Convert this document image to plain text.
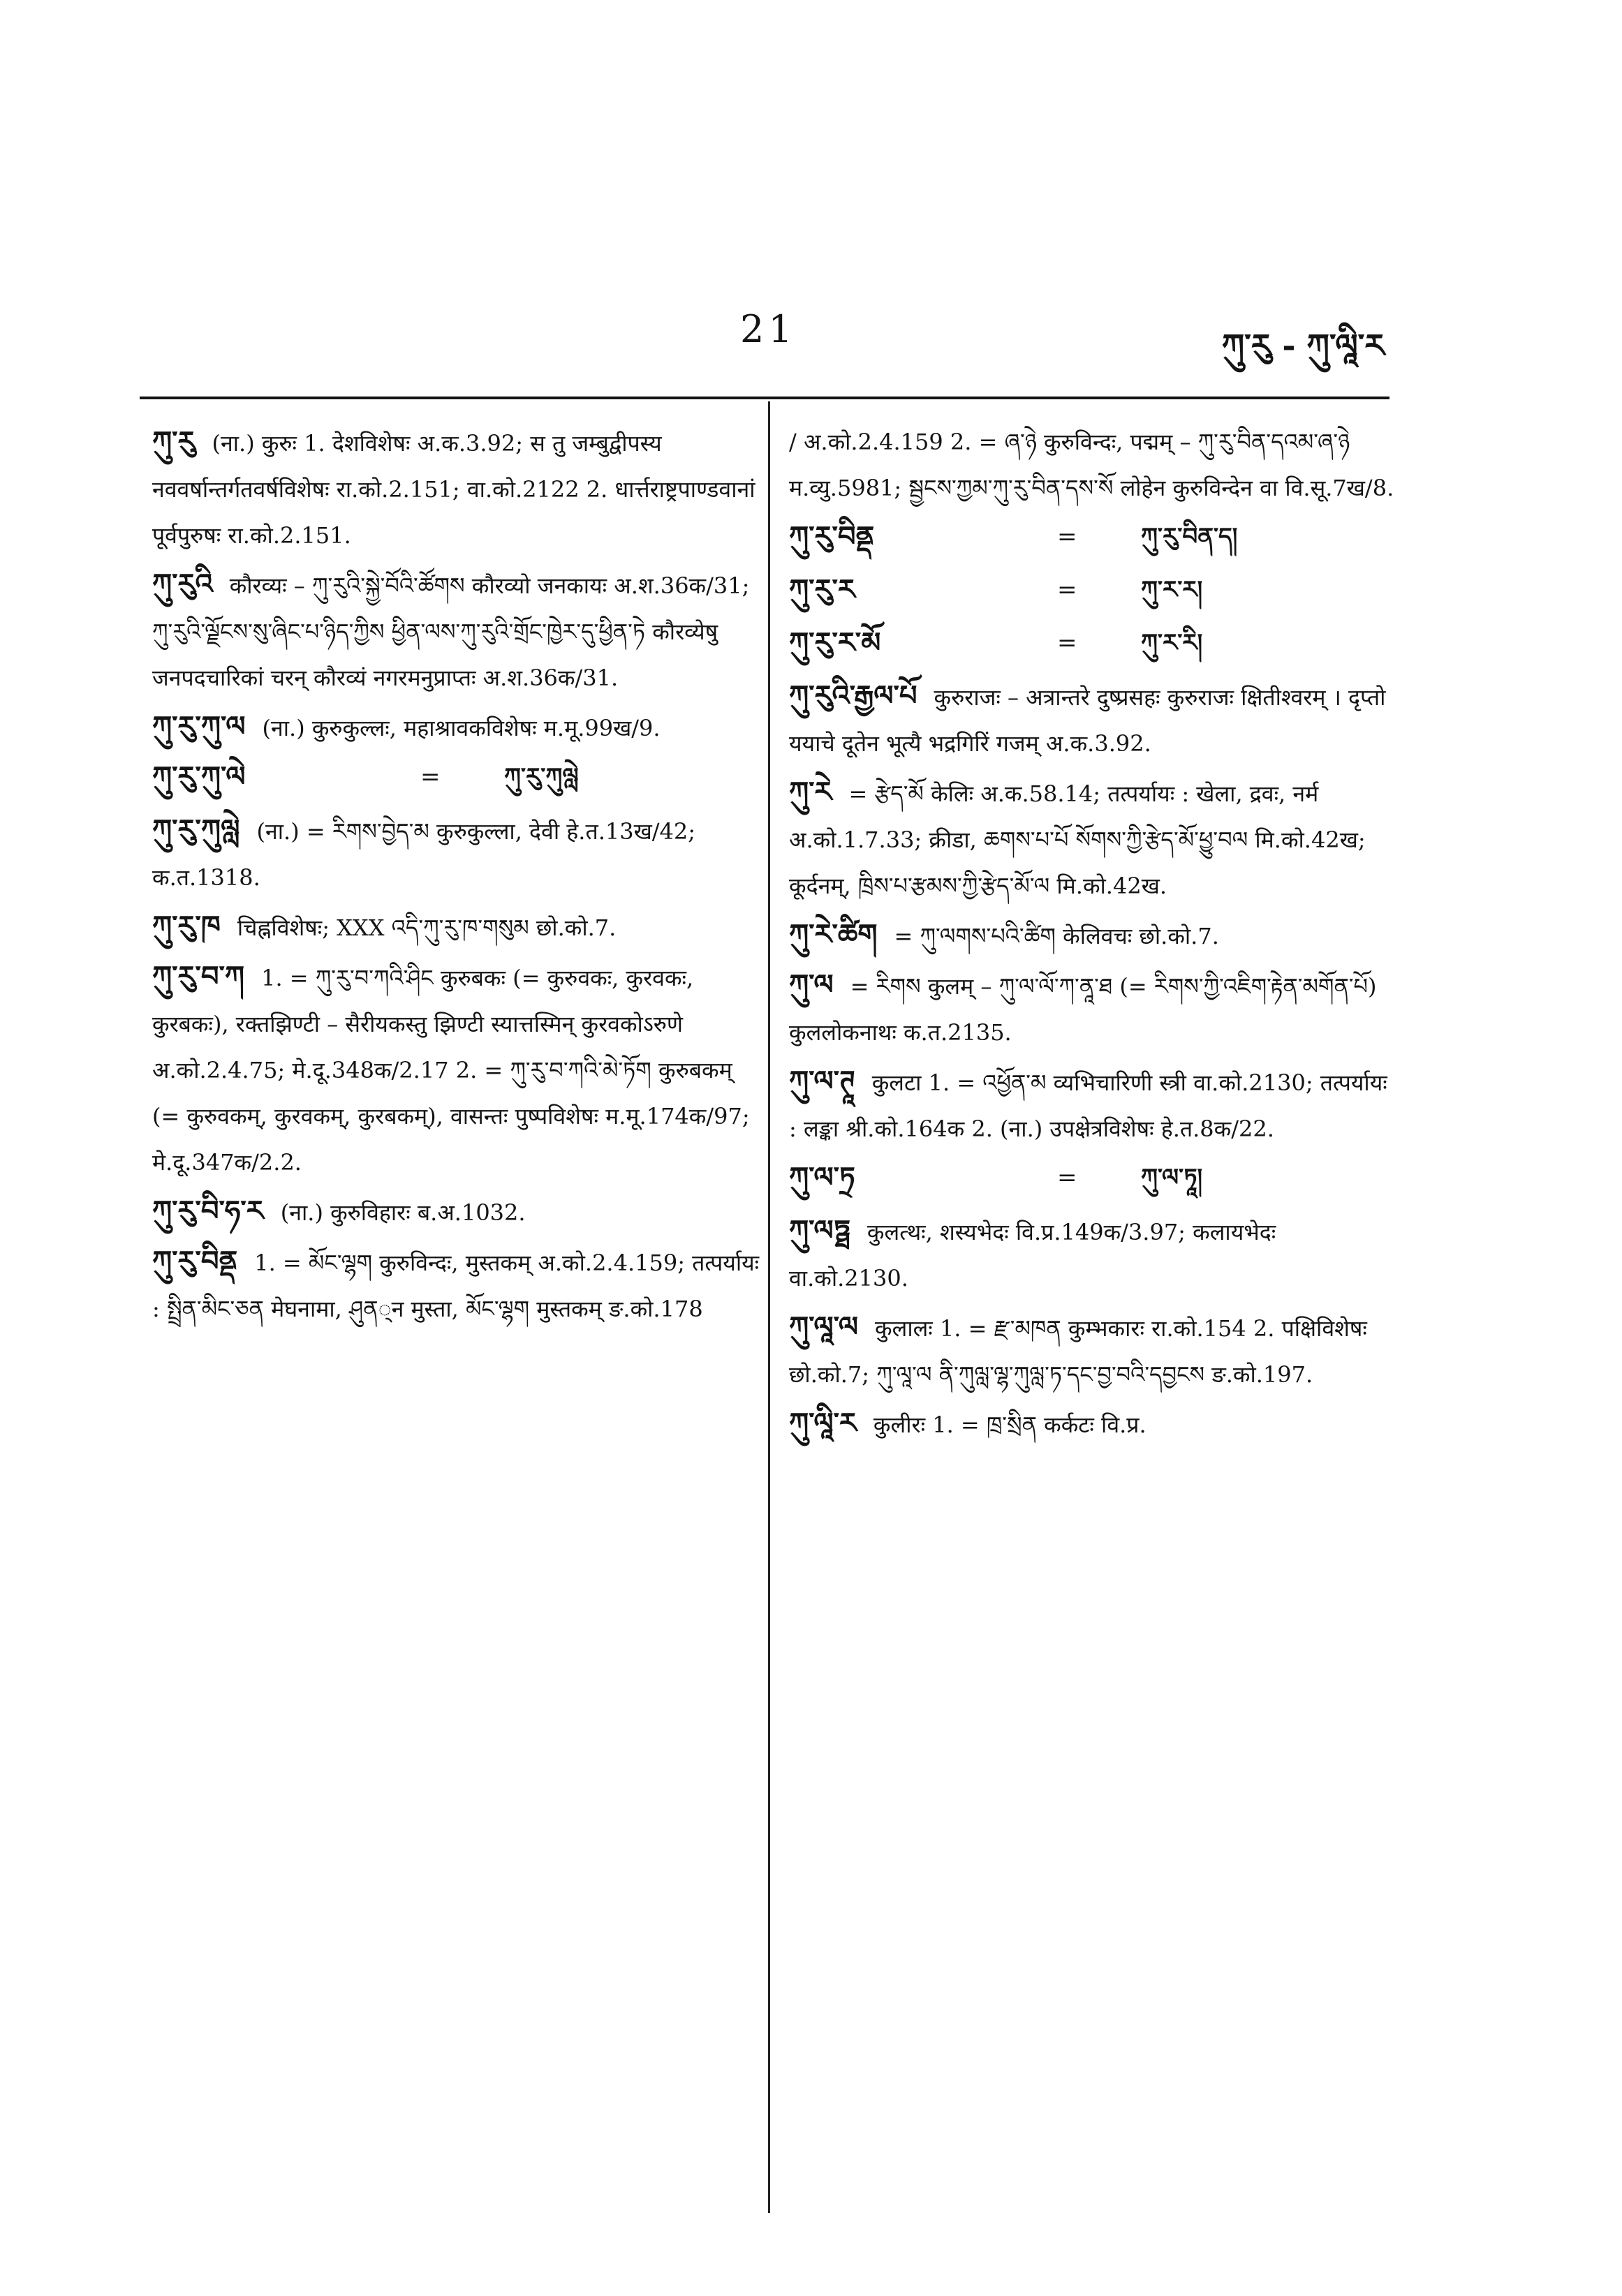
21	ཀུ་རུ - ཀུ་ལཱི་ར
ཀུ་རུ (ना.) कुरुः 1. देशविशेषः अ.क.3.92; स तु जम्बुद्वीपस्य नववर्षान्तर्गतवर्षविशेषः रा.को.2.151; वा.को.2122 2. धार्त्तराष्ट्रपाण्डवानां पूर्वपुरुषः रा.को.2.151.
ཀུ་རུའི कौरव्यः – ཀུ་རུའི་སྐྱེ་བོའི་ཚོགས कौरव्यो जनकायः अ.श.36क/31; ཀུ་རུའི་ལྗོངས་སུ་ཞིང་པ་ཉིད་ཀྱིས ཕྱིན་ལས་ཀུ་རུའི་གྲོང་ཁྱེར་དུ་ཕྱིན་ཏེ कौरव्येषु जनपदचारिकां चरन् कौरव्यं नगरमनुप्राप्तः अ.श.36क/31.
ཀུ་རུ་ཀུ་ལ (ना.) कुरुकुल्लः, महाश्रावकविशेषः म.मू.99ख/9.
ཀུ་རུ་ཀུ་ལེ	=	ཀུ་རུ་ཀུལླེ
ཀུ་རུ་ཀུལླེ (ना.) = རིགས་བྱེད་མ कुरुकुल्ला, देवी हे.त.13ख/42; क.त.1318.
ཀུ་རུ་ཁ चिह्नविशेषः; XXX འདི་ཀུ་རུ་ཁ་གསུམ छो.को.7.
ཀུ་རུ་བ་ཀ 1. = ཀུ་རུ་བ་ཀའི་ཤིང कुरुबकः (= कुरुवकः, कुरवकः, कुरबकः), रक्तझिण्टी – सैरीयकस्तु झिण्टी स्यात्तस्मिन् कुरवकोऽरुणे अ.को.2.4.75; मे.दू.348क/2.17 2. = ཀུ་རུ་བ་ཀའི་མེ་ཏོག कुरुबकम् (= कुरुवकम्, कुरवकम्, कुरबकम्), वासन्तः पुष्पविशेषः म.मू.174क/97; मे.दू.347क/2.2.
ཀུ་རུ་བི་ཧ་ར (ना.) कुरुविहारः ब.अ.1032.
ཀུ་རུ་བིནྡ 1. = མོང་ལྷག कुरुविन्दः, मुस्तकम् अ.को.2.4.159; तत्पर्यायः : སྤྲིན་མིང་ཅན मेघनामा, ཤུན्न मुस्ता, མོང་ལྷག मुस्तकम् ङ.को.178
/ अ.को.2.4.159 2. = ཞ་ཉེ कुरुविन्दः, पद्मम् – ཀུ་རུ་བིན་དའམ་ཞ་ཉེ म.व्यु.5981; སྦྱངས་ཀྱམ་ཀུ་རུ་བིན་དས་སོ लोहेन कुरुविन्देन वा वि.सू.7ख/8.
ཀུ་རུ་བིནྡ	=	ཀུ་རུ་བིན་ད།
ཀུ་རུ་ར	=	ཀུ་ར་ར།
ཀུ་རུ་ར་མོ	=	ཀུ་ར་རི།
ཀུ་རུའི་རྒྱལ་པོ कुरुराजः – अत्रान्तरे दुष्प्रसहः कुरुराजः क्षितीश्वरम् । दृप्तो ययाचे दूतेन भूत्यै भद्रगिरिं गजम् अ.क.3.92.
ཀུ་རེ = རྩེད་མོ केलिः अ.क.58.14; तत्पर्यायः : खेला, द्रवः, नर्म अ.को.1.7.33; क्रीडा, ཆགས་པ་པོ སོགས་ཀྱི་རྩེད་མོ་ཕྱུ་བལ मि.को.42ख; कूर्दनम्, ཁྲིས་པ་རྩམས་ཀྱི་རྩེད་མོ་ལ मि.को.42ख.
ཀུ་རེ་ཚིག = ཀུ་ལགས་པའི་ཚིག केलिवचः छो.को.7.
ཀུ་ལ = རིགས कुलम् – ཀུ་ལ་ལོ་ཀ་ནཱ་ཐ (= རིགས་ཀྱི་འཇིག་རྟེན་མགོན་པོ) कुललोकनाथः क.त.2135.
ཀུ་ལ་ཊཱ कुलटा 1. = འཕྱོན་མ व्यभिचारिणी स्त्री वा.को.2130; तत्पर्यायः : लङ्का श्री.को.164क 2. (ना.) उपक्षेत्रविशेषः हे.त.8क/22.
ཀུ་ལ་ཏྲ	=	ཀུ་ལ་ཏཱ།
ཀུ་ལཏྠ कुलत्थः, शस्यभेदः वि.प्र.149क/3.97; कलायभेदः वा.को.2130.
ཀུ་ལཱ་ལ कुलालः 1. = རྫ་མཁན कुम्भकारः रा.को.154 2. पक्षिविशेषः छो.को.7; ཀུ་ལཱ་ལ ནི་ཀུལླ་ལྷ་ཀུལླ་ཏ་དང་བྱ་བའི་དབྱངས ङ.को.197.
ཀུ་ལཱི་ར कुलीरः 1. = ཁྲ་སྲིན कर्कटः वि.प्र.
